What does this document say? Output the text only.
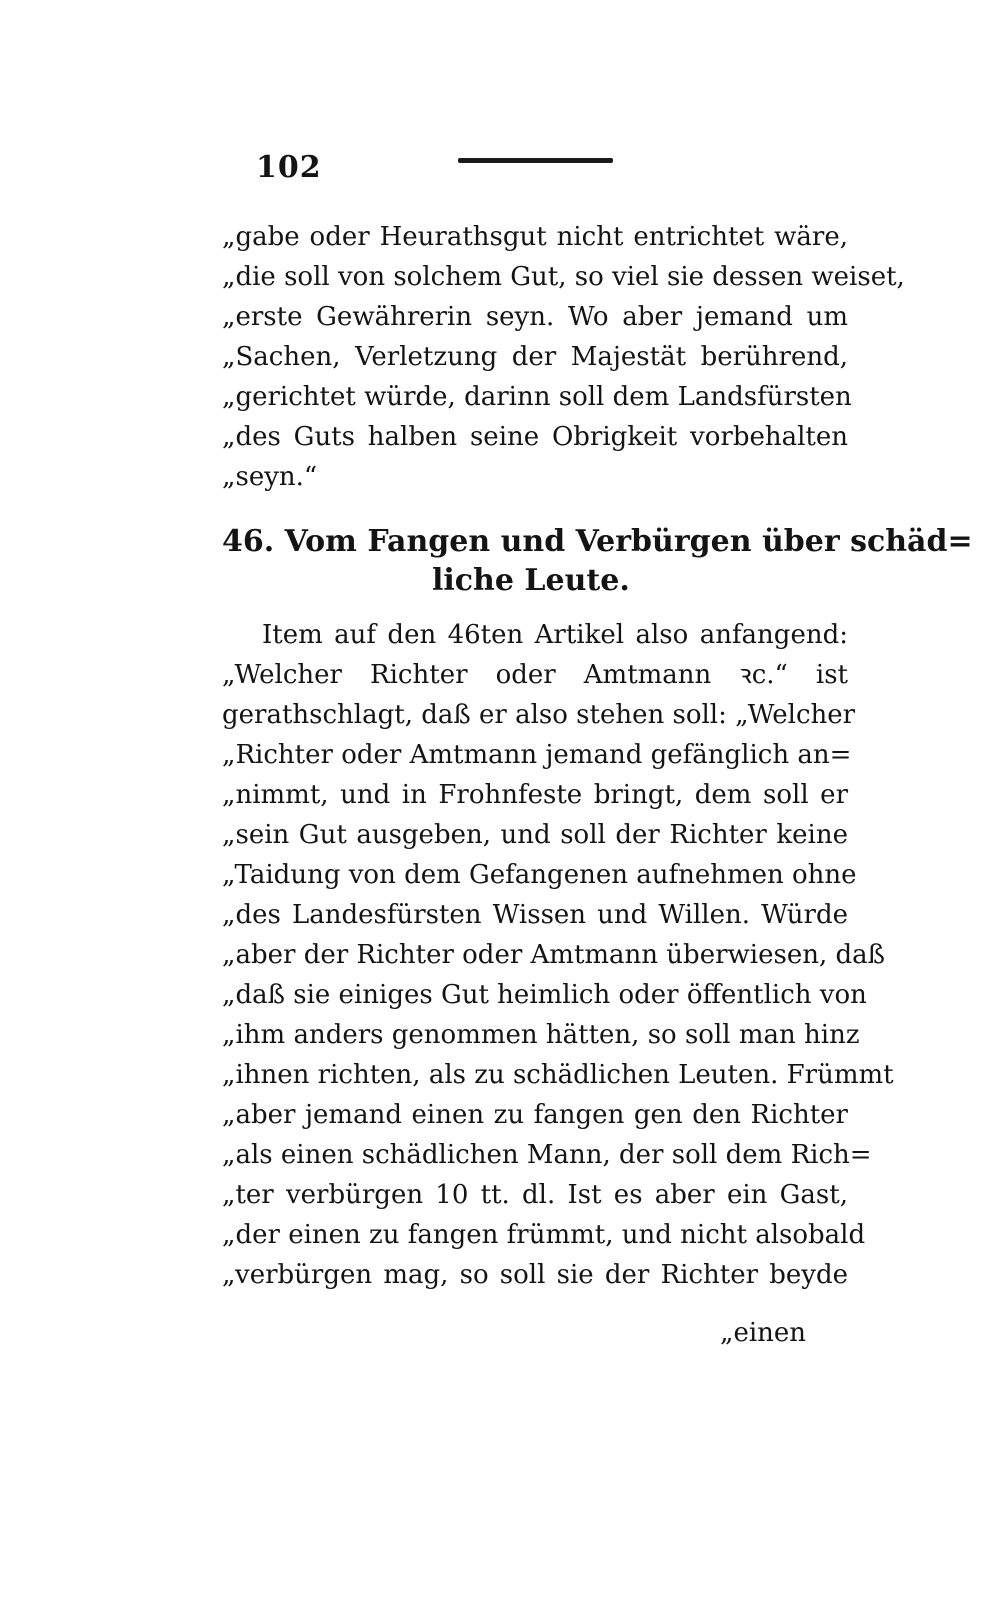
102
„gabe oder Heurathsgut nicht entrichtet wäre,
„die soll von solchem Gut, so viel sie dessen weiset,
„erste Gewährerin seyn. Wo aber jemand um
„Sachen, Verletzung der Majestät berührend,
„gerichtet würde, darinn soll dem Landsfürsten
„des Guts halben seine Obrigkeit vorbehalten
„seyn.“
46. Vom Fangen und Verbürgen über schäd=
liche Leute.
Item auf den 46ten Artikel also anfangend:
„Welcher Richter oder Amtmann ꝛc.“ ist
gerathschlagt, daß er also stehen soll: „Welcher
„Richter oder Amtmann jemand gefänglich an=
„nimmt, und in Frohnfeste bringt, dem soll er
„sein Gut ausgeben, und soll der Richter keine
„Taidung von dem Gefangenen aufnehmen ohne
„des Landesfürsten Wissen und Willen. Würde
„aber der Richter oder Amtmann überwiesen, daß
„daß sie einiges Gut heimlich oder öffentlich von
„ihm anders genommen hätten, so soll man hinz
„ihnen richten, als zu schädlichen Leuten. Frümmt
„aber jemand einen zu fangen gen den Richter
„als einen schädlichen Mann, der soll dem Rich=
„ter verbürgen 10 tt. dl. Ist es aber ein Gast,
„der einen zu fangen frümmt, und nicht alsobald
„verbürgen mag, so soll sie der Richter beyde
„einen
